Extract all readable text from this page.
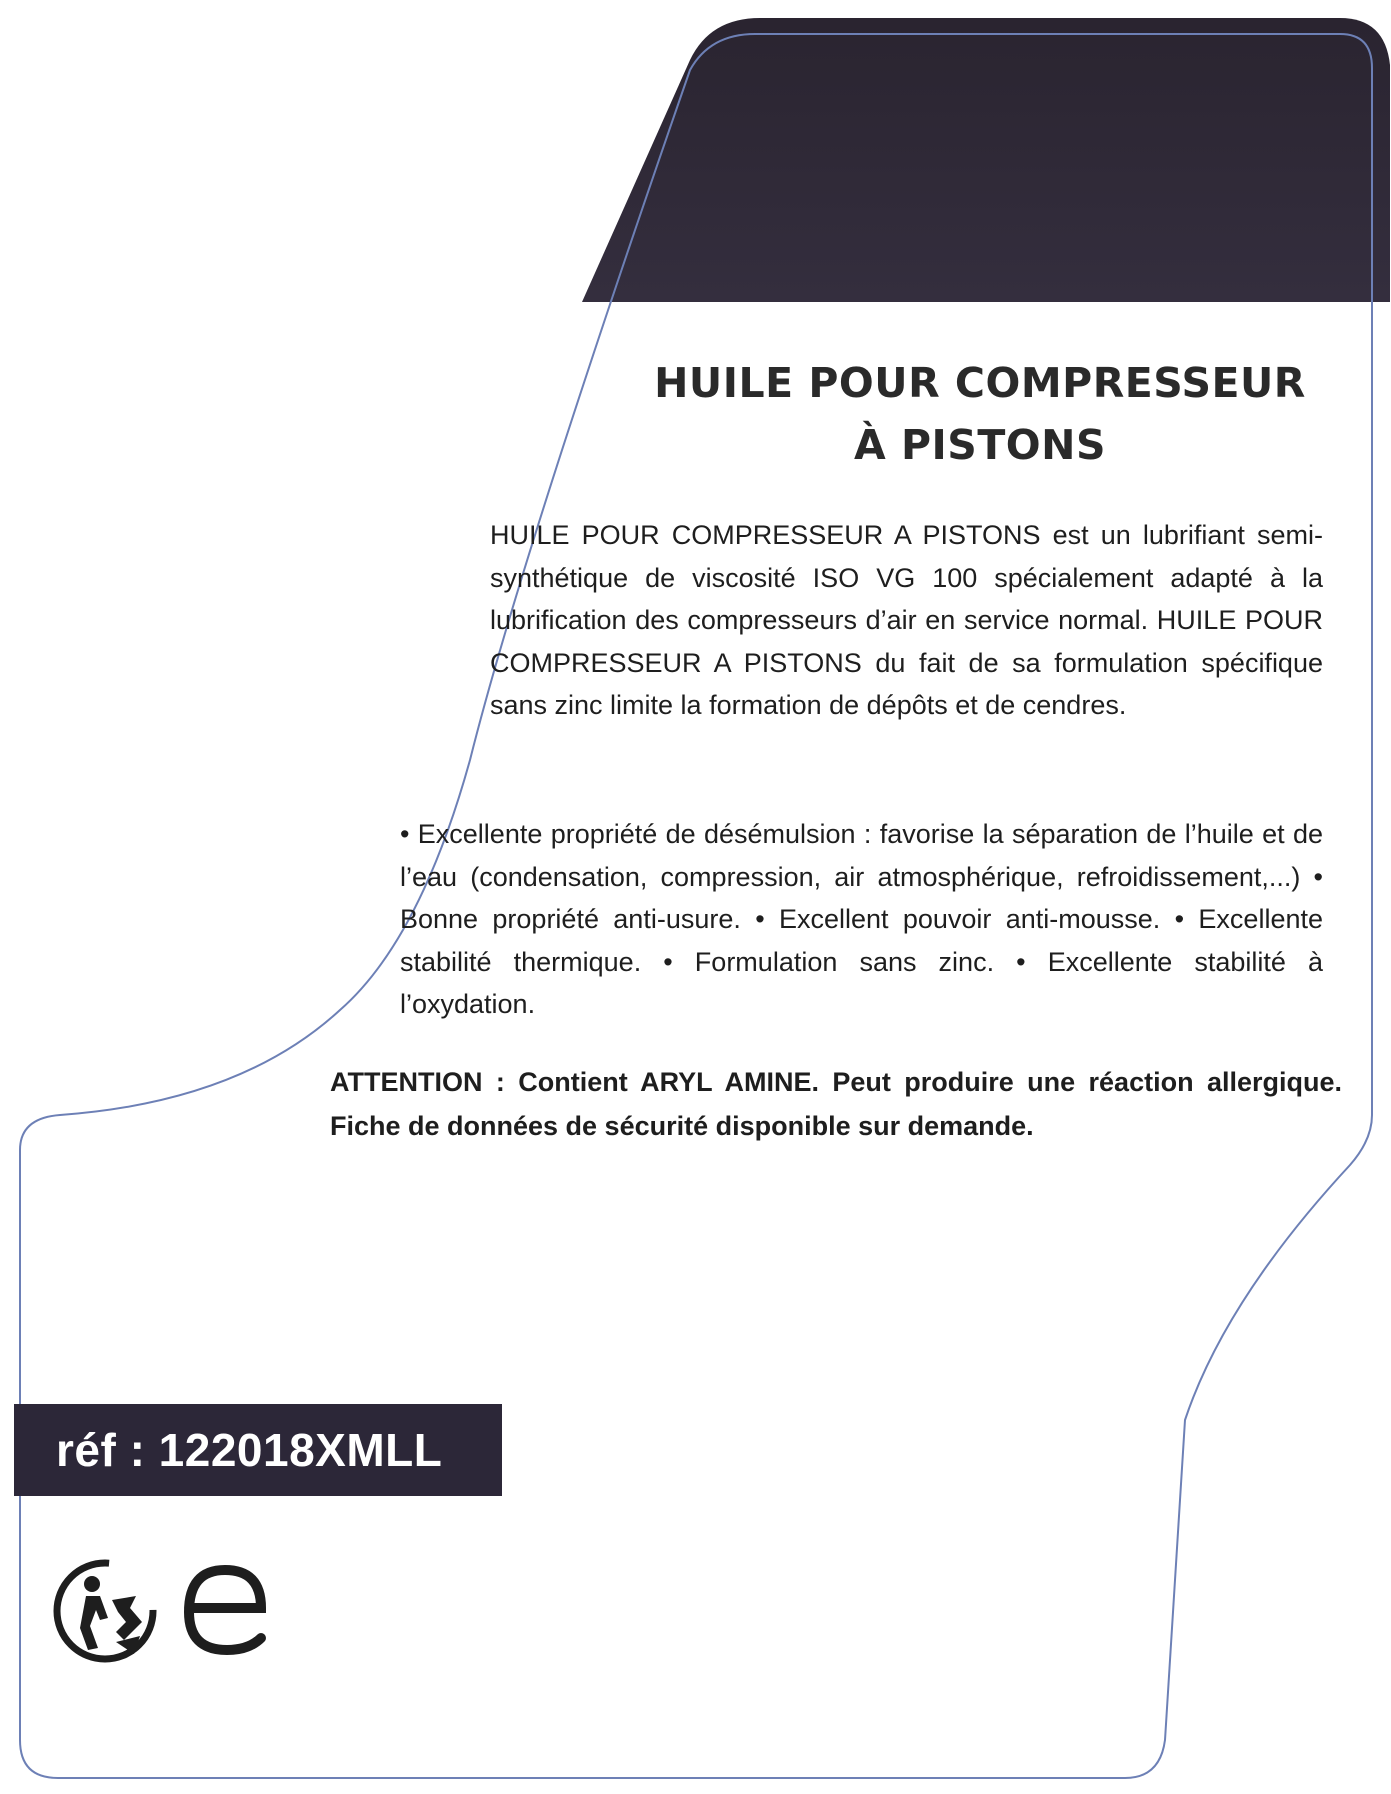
HUILE POUR COMPRESSEUR
À PISTONS

HUILE POUR COMPRESSEUR A PISTONS est un lubrifiant semi-synthétique de viscosité ISO VG 100 spécialement adapté à la lubrification des compresseurs d’air en service normal. HUILE POUR COMPRESSEUR A PISTONS du fait de sa formulation spécifique sans zinc limite la formation de dépôts et de cendres.

• Excellente propriété de désémulsion : favorise la séparation de l’huile et de l’eau (condensation, compression, air atmosphérique, refroidissement,...) • Bonne propriété anti-usure. • Excellent pouvoir anti-mousse. • Excellente stabilité thermique. • Formulation sans zinc. • Excellente stabilité à l’oxydation.

ATTENTION : Contient ARYL AMINE. Peut produire une réaction allergique. Fiche de données de sécurité disponible sur demande.

réf : 122018XMLL
